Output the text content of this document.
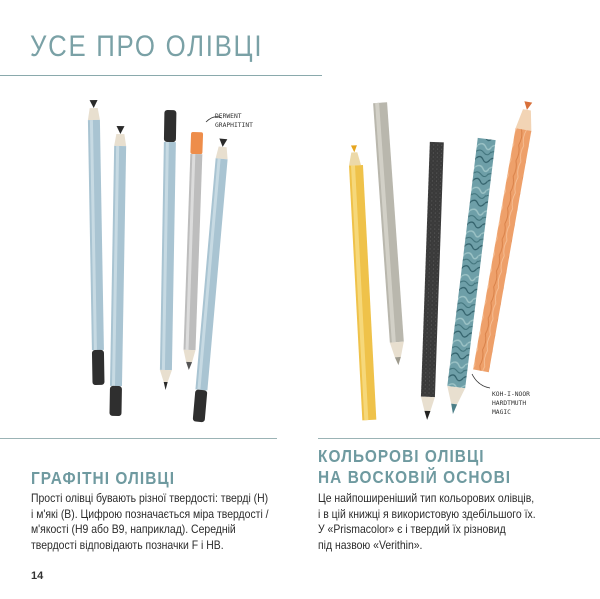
УСЕ ПРО ОЛІВЦІ
DERWENT
GRAPHITINT
KOH-I-NOOR
HARDTMUTH
MAGIC
ГРАФІТНІ ОЛІВЦІ
Прості олівці бувають різної твердості: тверді (H)
і м'які (B). Цифрою позначається міра твердості /
м'якості (H9 або B9, наприклад). Середній
твердості відповідають позначки F і HB.
КОЛЬОРОВІ ОЛІВЦІ
НА ВОСКОВІЙ ОСНОВІ
Це найпоширеніший тип кольорових олівців,
і в цій книжці я використовую здебільшого їх.
У «Prismacolor» є і твердий їх різновид
під назвою «Verithin».
14
